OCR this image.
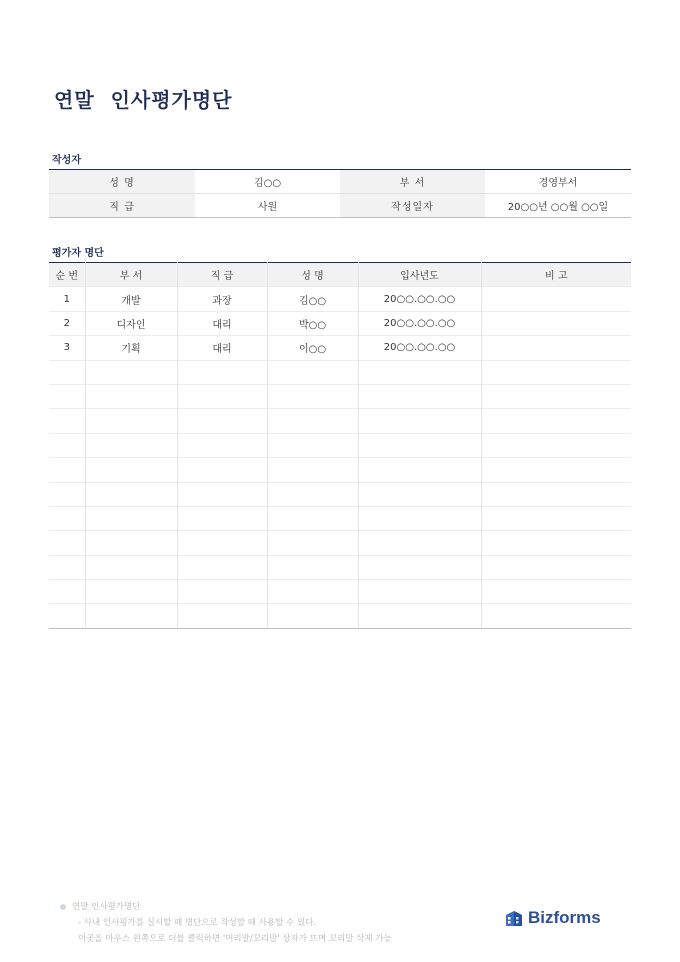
연말  인사평가명단
작성자
성 명	김○○	부 서	경영부서
직 급	사원	작성일자	20○○년 ○○월 ○○일
평가자 명단
순 번	부 서	직 급	성 명	입사년도	비 고
1	개발	과장	김○○	20○○.○○.○○	
2	디자인	대리	박○○	20○○.○○.○○	
3	기획	대리	이○○	20○○.○○.○○	

연말 인사평가명단
- 사내 인사평가를 실시할 때 명단으로 작성할 때 사용할 수 있다.
이곳을 마우스 왼쪽으로 더블 클릭하면 '머리말/꼬리말' 상자가 뜨며 꼬리말 삭제 가능
Bizforms
